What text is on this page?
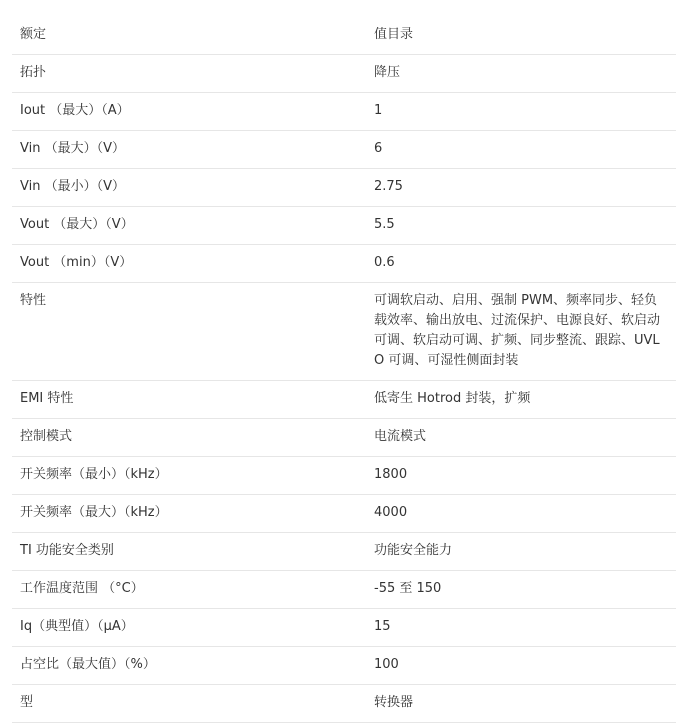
额定	值目录
拓扑	降压
Iout （最大）（A）	1
Vin （最大）（V）	6
Vin （最小）（V）	2.75
Vout （最大）（V）	5.5
Vout （min）（V）	0.6
特性	可调软启动、启用、强制 PWM、频率同步、轻负载效率、输出放电、过流保护、电源良好、软启动可调、软启动可调、扩频、同步整流、跟踪、UVLO 可调、可湿性侧面封装
EMI 特性	低寄生 Hotrod 封装，扩频
控制模式	电流模式
开关频率（最小）（kHz）	1800
开关频率（最大）（kHz）	4000
TI 功能安全类别	功能安全能力
工作温度范围 （°C）	-55 至 150
Iq（典型值）（µA）	15
占空比（最大值）（%）	100
型	转换器
